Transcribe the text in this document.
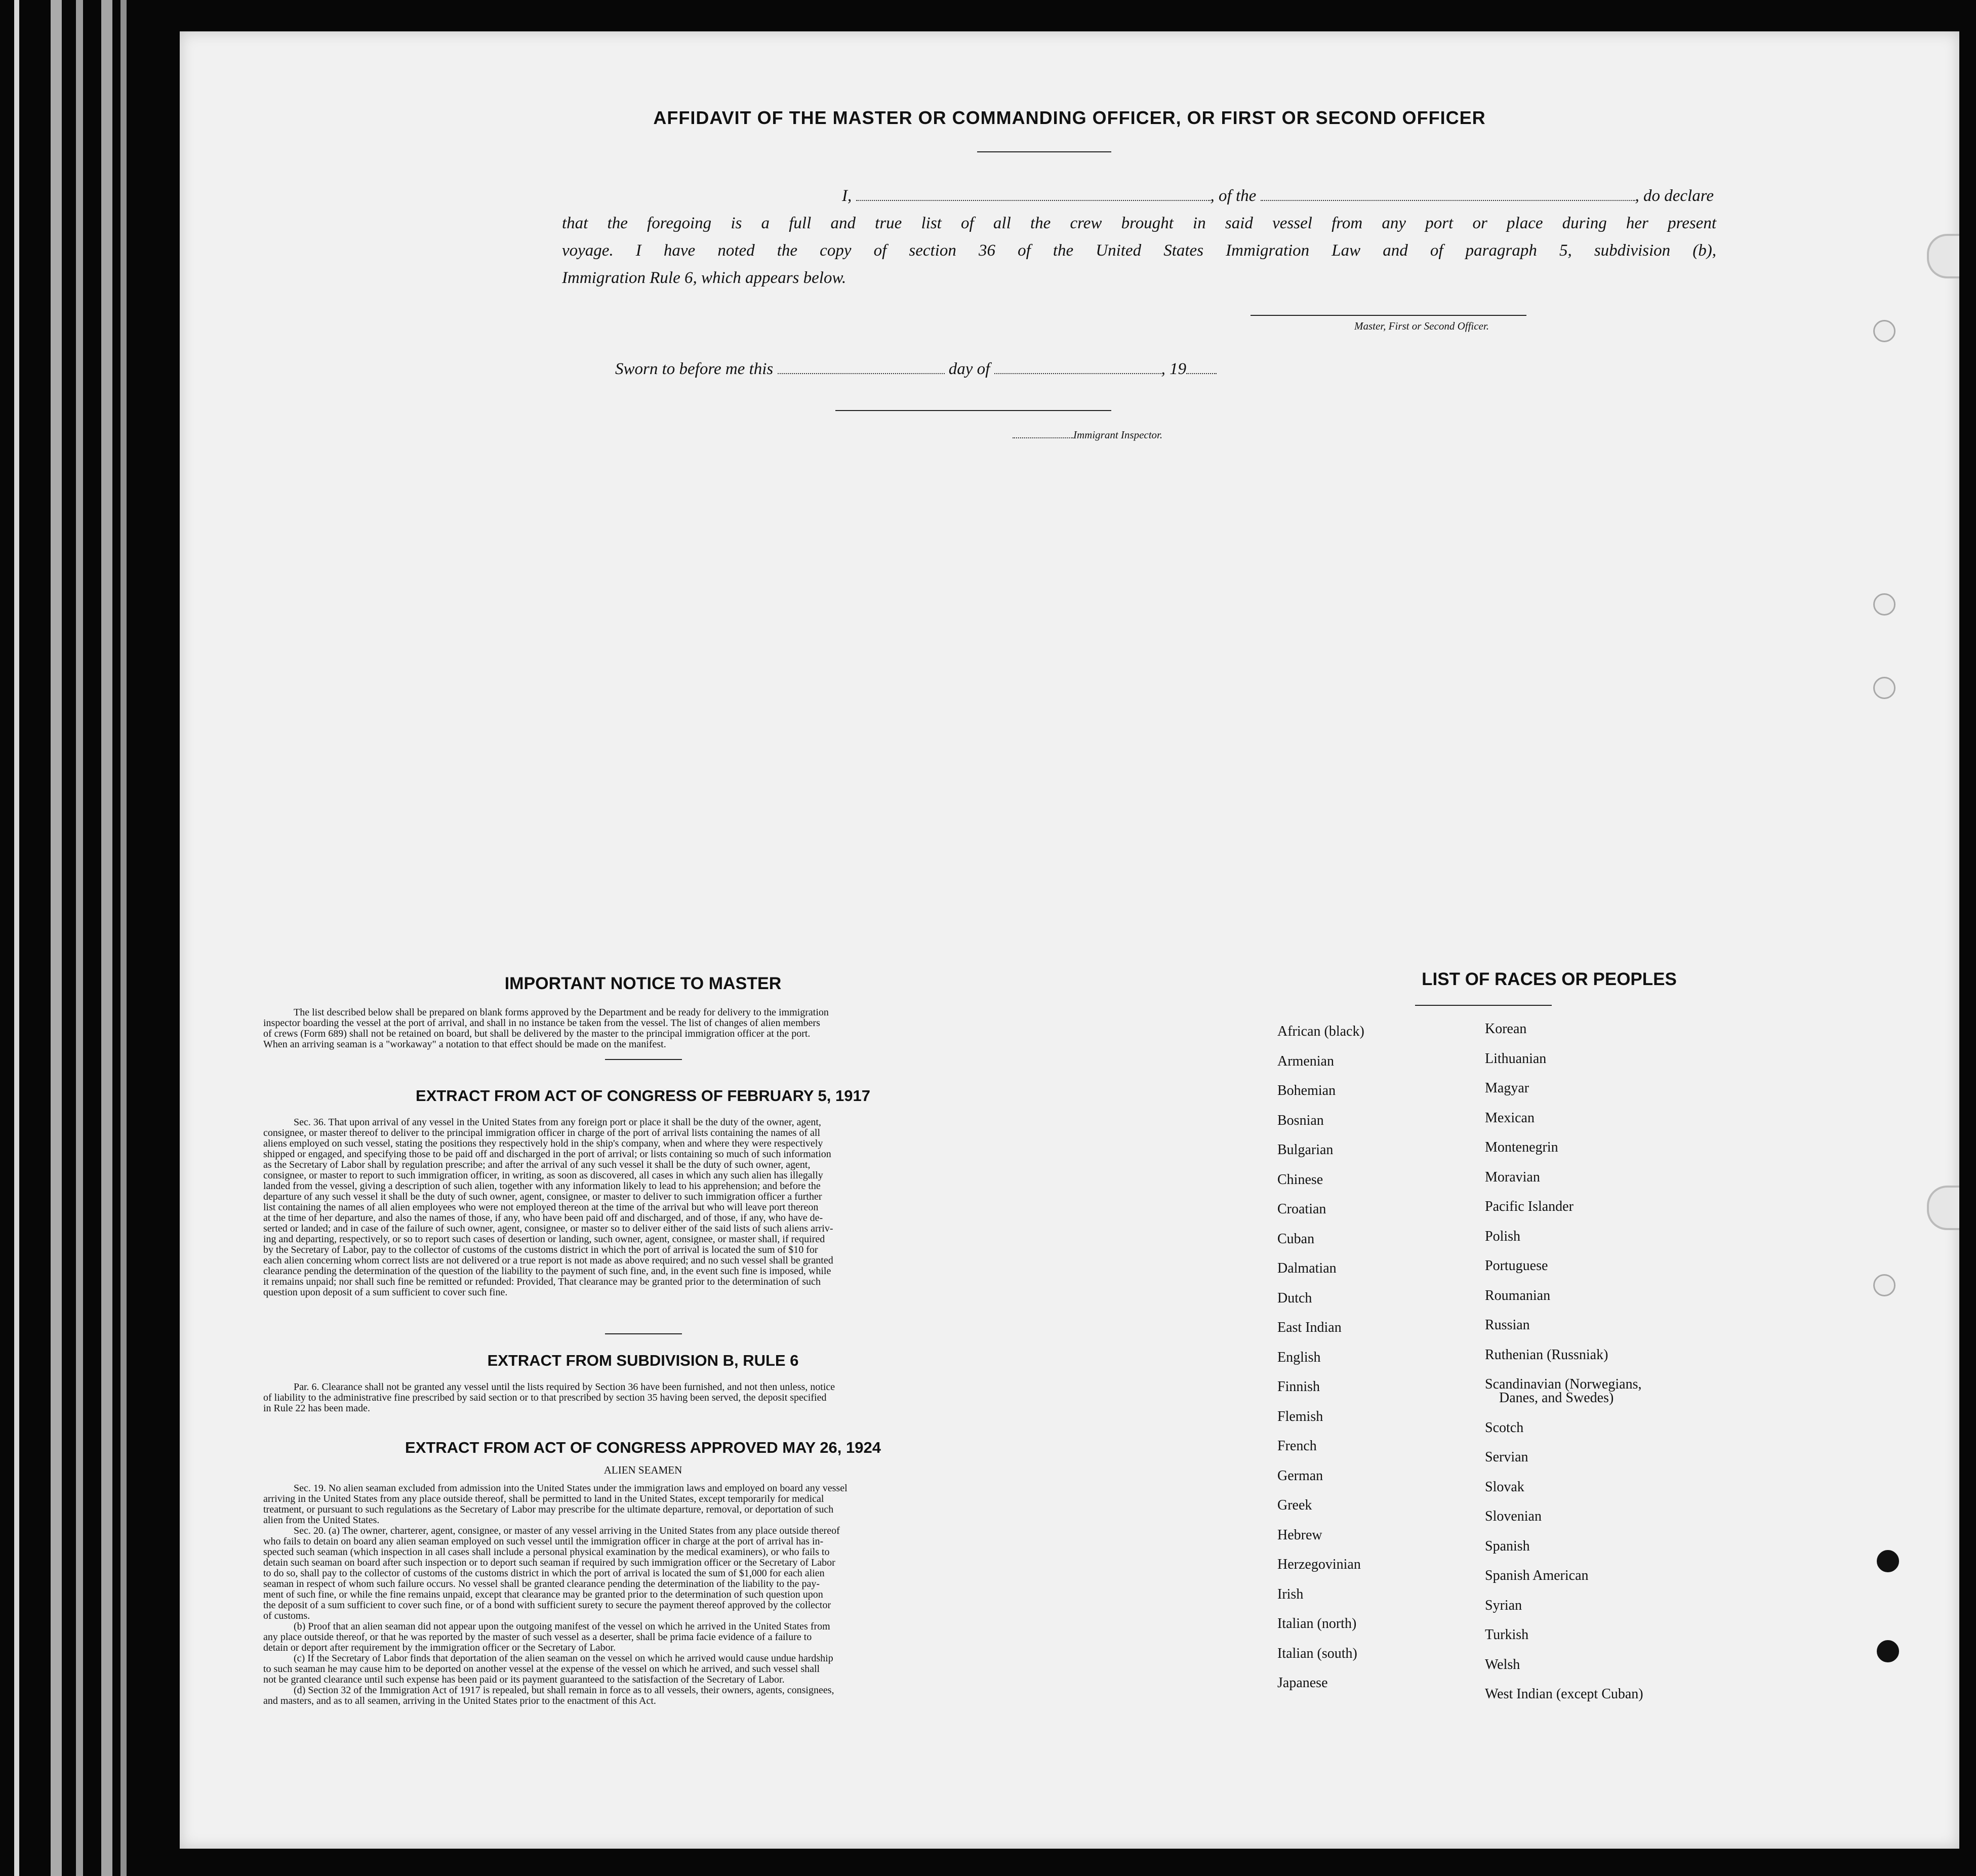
AFFIDAVIT OF THE MASTER OR COMMANDING OFFICER, OR FIRST OR SECOND OFFICER
I,	, of the	, do declare
that the foregoing is a full and true list of all the crew brought in said vessel from any port or place during her present
voyage. I have noted the copy of section 36 of the United States Immigration Law and of paragraph 5, subdivision (b),
Immigration Rule 6, which appears below.
Master, First or Second Officer.
Sworn to before me this	day of	, 19
Immigrant Inspector.
IMPORTANT NOTICE TO MASTER
The list described below shall be prepared on blank forms approved by the Department and be ready for delivery to the immigration
inspector boarding the vessel at the port of arrival, and shall in no instance be taken from the vessel. The list of changes of alien members
of crews (Form 689) shall not be retained on board, but shall be delivered by the master to the principal immigration officer at the port.
When an arriving seaman is a "workaway" a notation to that effect should be made on the manifest.
EXTRACT FROM ACT OF CONGRESS OF FEBRUARY 5, 1917
Sec. 36. That upon arrival of any vessel in the United States from any foreign port or place it shall be the duty of the owner, agent,
consignee, or master thereof to deliver to the principal immigration officer in charge of the port of arrival lists containing the names of all
aliens employed on such vessel, stating the positions they respectively hold in the ship's company, when and where they were respectively
shipped or engaged, and specifying those to be paid off and discharged in the port of arrival; or lists containing so much of such information
as the Secretary of Labor shall by regulation prescribe; and after the arrival of any such vessel it shall be the duty of such owner, agent,
consignee, or master to report to such immigration officer, in writing, as soon as discovered, all cases in which any such alien has illegally
landed from the vessel, giving a description of such alien, together with any information likely to lead to his apprehension; and before the
departure of any such vessel it shall be the duty of such owner, agent, consignee, or master to deliver to such immigration officer a further
list containing the names of all alien employees who were not employed thereon at the time of the arrival but who will leave port thereon
at the time of her departure, and also the names of those, if any, who have been paid off and discharged, and of those, if any, who have de-
serted or landed; and in case of the failure of such owner, agent, consignee, or master so to deliver either of the said lists of such aliens arriv-
ing and departing, respectively, or so to report such cases of desertion or landing, such owner, agent, consignee, or master shall, if required
by the Secretary of Labor, pay to the collector of customs of the customs district in which the port of arrival is located the sum of $10 for
each alien concerning whom correct lists are not delivered or a true report is not made as above required; and no such vessel shall be granted
clearance pending the determination of the question of the liability to the payment of such fine, and, in the event such fine is imposed, while
it remains unpaid; nor shall such fine be remitted or refunded: Provided, That clearance may be granted prior to the determination of such
question upon deposit of a sum sufficient to cover such fine.
EXTRACT FROM SUBDIVISION B, RULE 6
Par. 6. Clearance shall not be granted any vessel until the lists required by Section 36 have been furnished, and not then unless, notice
of liability to the administrative fine prescribed by said section or to that prescribed by section 35 having been served, the deposit specified
in Rule 22 has been made.
EXTRACT FROM ACT OF CONGRESS APPROVED MAY 26, 1924
ALIEN SEAMEN
Sec. 19. No alien seaman excluded from admission into the United States under the immigration laws and employed on board any vessel
arriving in the United States from any place outside thereof, shall be permitted to land in the United States, except temporarily for medical
treatment, or pursuant to such regulations as the Secretary of Labor may prescribe for the ultimate departure, removal, or deportation of such
alien from the United States.
Sec. 20. (a) The owner, charterer, agent, consignee, or master of any vessel arriving in the United States from any place outside thereof
who fails to detain on board any alien seaman employed on such vessel until the immigration officer in charge at the port of arrival has in-
spected such seaman (which inspection in all cases shall include a personal physical examination by the medical examiners), or who fails to
detain such seaman on board after such inspection or to deport such seaman if required by such immigration officer or the Secretary of Labor
to do so, shall pay to the collector of customs of the customs district in which the port of arrival is located the sum of $1,000 for each alien
seaman in respect of whom such failure occurs. No vessel shall be granted clearance pending the determination of the liability to the pay-
ment of such fine, or while the fine remains unpaid, except that clearance may be granted prior to the determination of such question upon
the deposit of a sum sufficient to cover such fine, or of a bond with sufficient surety to secure the payment thereof approved by the collector
of customs.
(b) Proof that an alien seaman did not appear upon the outgoing manifest of the vessel on which he arrived in the United States from
any place outside thereof, or that he was reported by the master of such vessel as a deserter, shall be prima facie evidence of a failure to
detain or deport after requirement by the immigration officer or the Secretary of Labor.
(c) If the Secretary of Labor finds that deportation of the alien seaman on the vessel on which he arrived would cause undue hardship
to such seaman he may cause him to be deported on another vessel at the expense of the vessel on which he arrived, and such vessel shall
not be granted clearance until such expense has been paid or its payment guaranteed to the satisfaction of the Secretary of Labor.
(d) Section 32 of the Immigration Act of 1917 is repealed, but shall remain in force as to all vessels, their owners, agents, consignees,
and masters, and as to all seamen, arriving in the United States prior to the enactment of this Act.
LIST OF RACES OR PEOPLES
African (black)
Armenian
Bohemian
Bosnian
Bulgarian
Chinese
Croatian
Cuban
Dalmatian
Dutch
East Indian
English
Finnish
Flemish
French
German
Greek
Hebrew
Herzegovinian
Irish
Italian (north)
Italian (south)
Japanese
Korean
Lithuanian
Magyar
Mexican
Montenegrin
Moravian
Pacific Islander
Polish
Portuguese
Roumanian
Russian
Ruthenian (Russniak)
Scandinavian (Norwegians,
Danes, and Swedes)
Scotch
Servian
Slovak
Slovenian
Spanish
Spanish American
Syrian
Turkish
Welsh
West Indian (except Cuban)
